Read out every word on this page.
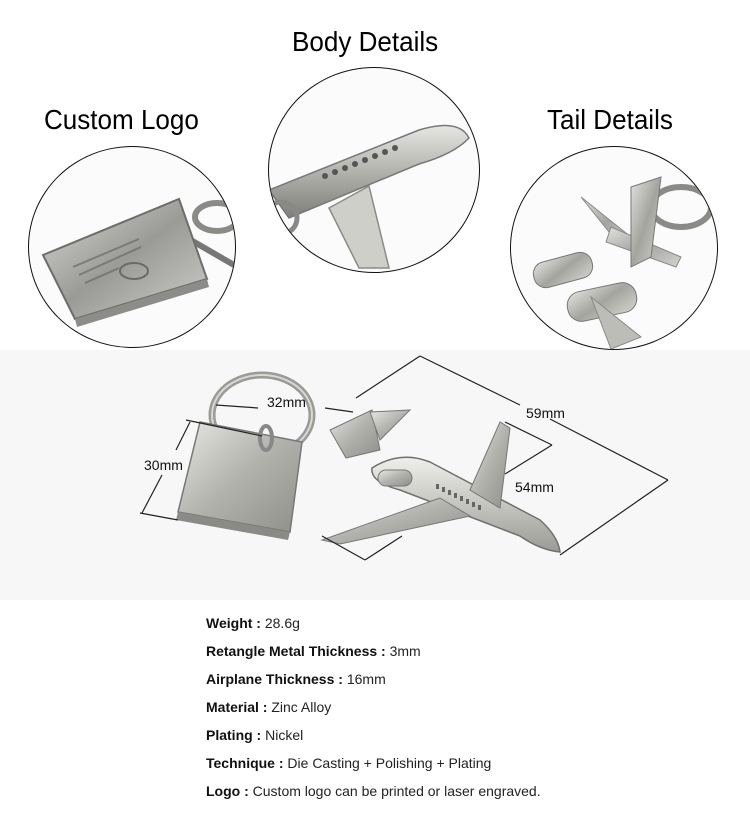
Body Details
Custom Logo	Tail Details
32mm
30mm
59mm
54mm
Weight : 28.6g
Retangle Metal Thickness : 3mm
Airplane Thickness : 16mm
Material : Zinc Alloy
Plating : Nickel
Technique : Die Casting + Polishing + Plating
Logo : Custom logo can be printed or laser engraved.
